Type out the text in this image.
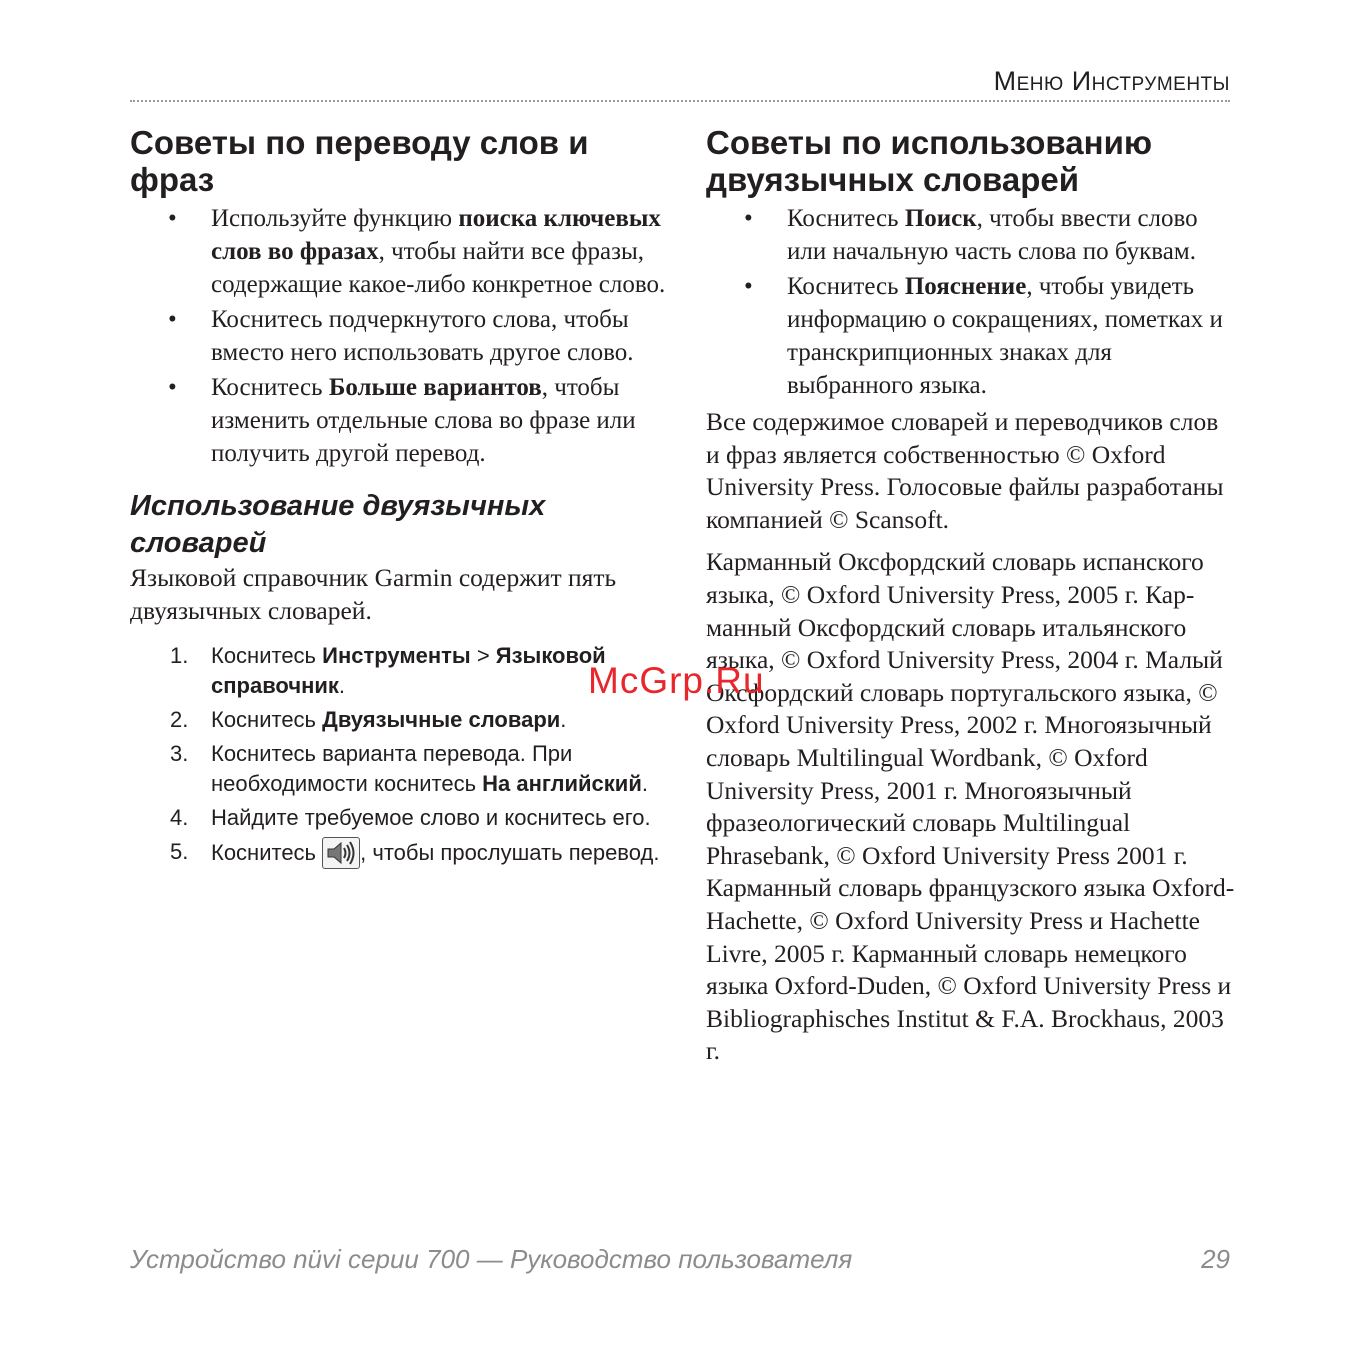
Меню Инструменты
Советы по переводу слов и фраз
• Используйте функцию поиска ключевых слов во фразах, чтобы найти все фразы, содержащие какое-либо конкретное слово.
• Коснитесь подчеркнутого слова, чтобы вместо него использовать другое слово.
• Коснитесь Больше вариантов, чтобы изменить отдельные слова во фразе или получить другой перевод.
Использование двуязычных словарей

Языковой справочник Garmin содержит пять двуязычных словарей.

1. Коснитесь Инструменты > Языковой справочник.
2. Коснитесь Двуязычные словари.
3. Коснитесь варианта перевода. При необходимости коснитесь На английский.
4. Найдите требуемое слово и коснитесь его.
5. Коснитесь
, чтобы прослушать перевод.
Советы по использованию двуязычных словарей
• Коснитесь Поиск, чтобы ввести слово или начальную часть слова по буквам.
• Коснитесь Пояснение, чтобы увидеть информацию о сокращениях, пометках и транскрипционных знаках для выбранного языка.

Все содержимое словарей и переводчиков слов и фраз является собственностью © Oxford University Press. Голосовые файлы разработаны компанией © Scansoft.

Карманный Оксфордский словарь испанского языка, © Oxford University Press, 2005 г. Кар-манный Оксфордский словарь итальянского языка, © Oxford University Press, 2004 г. Малый Оксфордский словарь португальского языка, © Oxford University Press, 2002 г. Многоязычный словарь Multilingual Wordbank, © Oxford University Press, 2001 г. Многоязычный фразеологический словарь Multilingual Phrasebank, © Oxford University Press 2001 г. Карманный словарь французского языка Oxford-Hachette, © Oxford University Press и Hachette Livre, 2005 г. Карманный словарь немецкого языка Oxford-Duden, © Oxford University Press и Bibliographisches Institut & F.A. Brockhaus, 2003 г.

McGrp.Ru
Устройство nüvi серии 700 — Руководство пользователя	29
